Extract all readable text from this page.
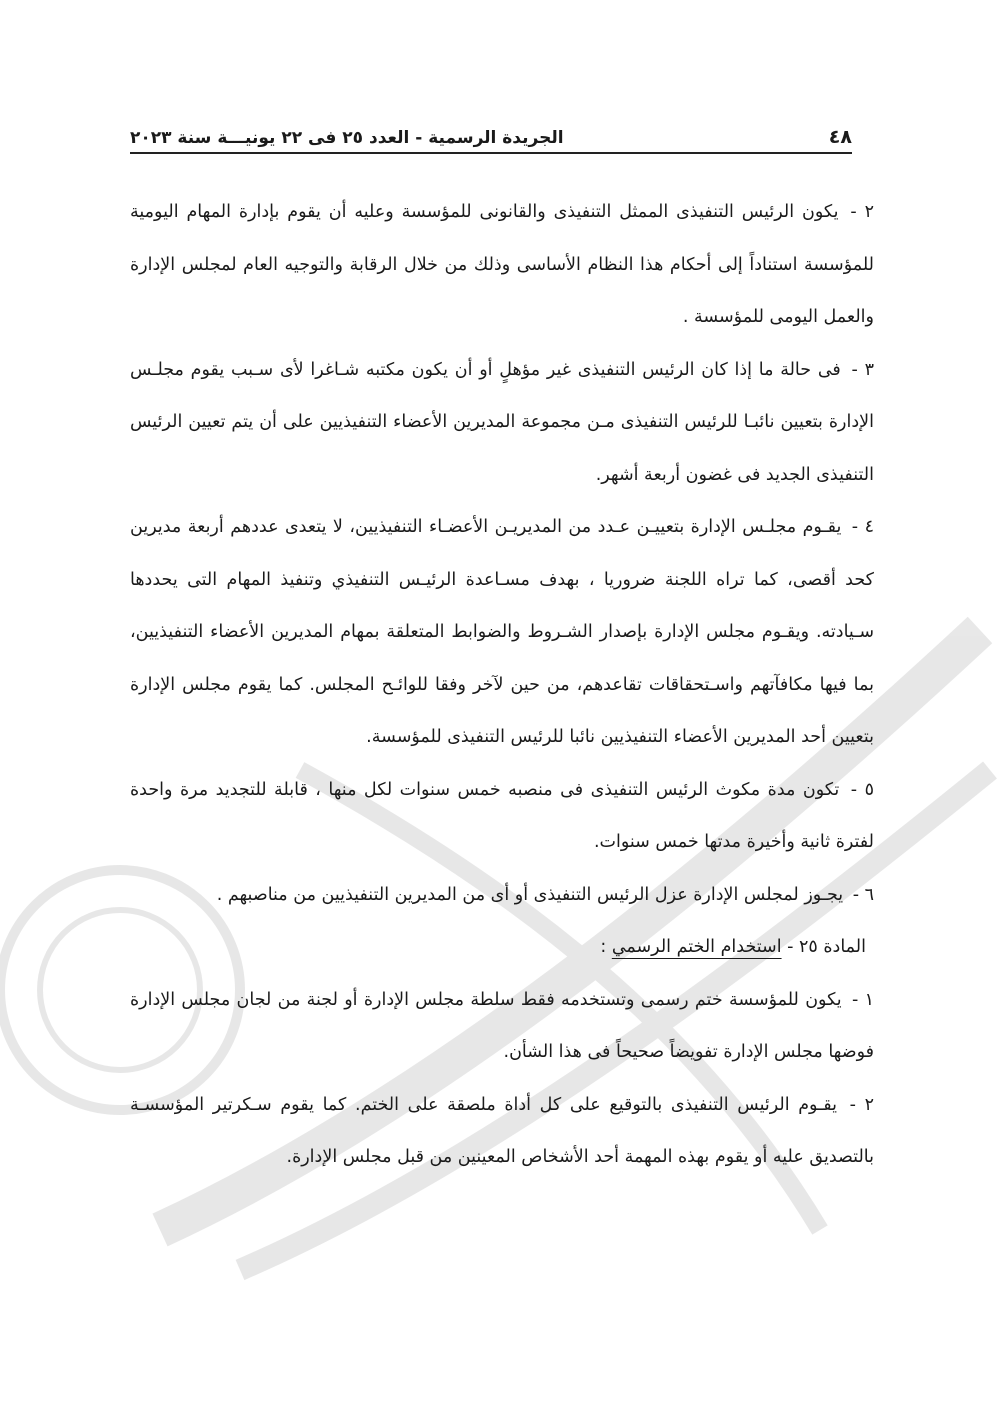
٤٨
الجريدة الرسمية - العدد ٢٥ فى ٢٢ يونيـــة سنة ٢٠٢٣

٢ - يكون الرئيس التنفيذى الممثل التنفيذى والقانونى للمؤسسة وعليه أن يقوم بإدارة المهام اليومية للمؤسسة استناداً إلى أحكام هذا النظام الأساسى وذلك من خلال الرقابة والتوجيه العام لمجلس الإدارة والعمل اليومى للمؤسسة .

٣ - فى حالة ما إذا كان الرئيس التنفيذى غير مؤهلٍ أو أن يكون مكتبه شـاغرا لأى سـبب يقوم مجلـس الإدارة بتعيين نائبـا للرئيس التنفيذى مـن مجموعة المديرين الأعضاء التنفيذيين على أن يتم تعيين الرئيس التنفيذى الجديد فى غضون أربعة أشهر.

٤ - يقـوم مجلـس الإدارة بتعييـن عـدد من المديريـن الأعضـاء التنفيذيين، لا يتعدى عددهم أربعة مديرين كحد أقصى، كما تراه اللجنة ضروريا ، بهدف مسـاعدة الرئيـس التنفيذي وتنفيذ المهام التى يحددها سـيادته. ويقـوم مجلس الإدارة بإصدار الشـروط والضوابط المتعلقة بمهام المديرين الأعضاء التنفيذيين، بما فيها مكافآتهم واسـتحقاقات تقاعدهم، من حين لآخر وفقا للوائـح المجلس. كما يقوم مجلس الإدارة بتعيين أحد المديرين الأعضاء التنفيذيين نائبا للرئيس التنفيذى للمؤسسة.

٥ - تكون مدة مكوث الرئيس التنفيذى فى منصبه خمس سنوات لكل منها ، قابلة للتجديد مرة واحدة لفترة ثانية وأخيرة مدتها خمس سنوات.

٦ - يجـوز لمجلس الإدارة عزل الرئيس التنفيذى أو أى من المديرين التنفيذيين من مناصبهم .

المادة ٢٥ - استخدام الختم الرسمي :

١ - يكون للمؤسسة ختم رسمى وتستخدمه فقط سلطة مجلس الإدارة أو لجنة من لجان مجلس الإدارة فوضها مجلس الإدارة تفويضاً صحيحاً فى هذا الشأن.

٢ - يقـوم الرئيس التنفيذى بالتوقيع على كل أداة ملصقة على الختم. كما يقوم سـكرتير المؤسسـة بالتصديق عليه أو يقوم بهذه المهمة أحد الأشخاص المعينين من قبل مجلس الإدارة.
